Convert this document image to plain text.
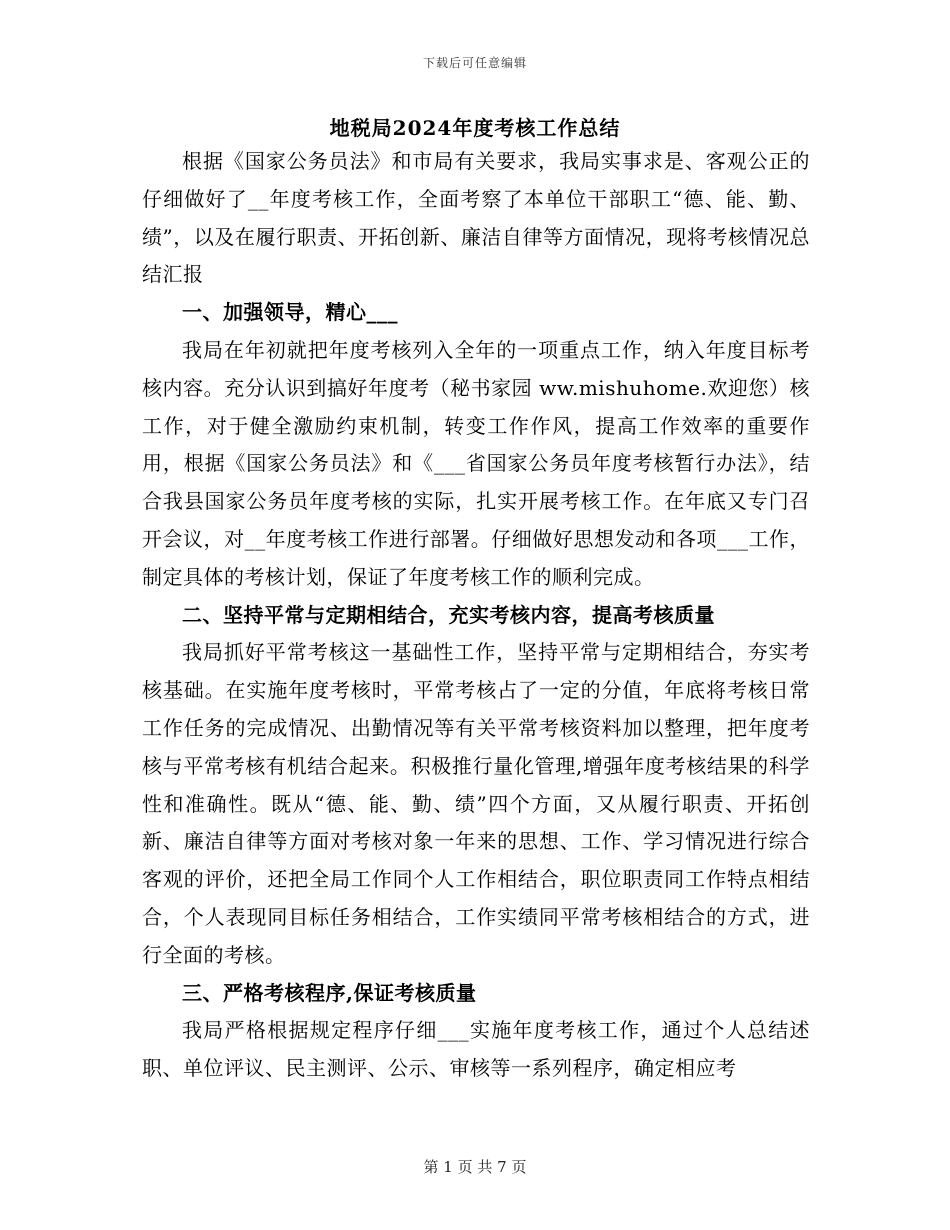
下载后可任意编辑
地税局2024年度考核工作总结

根据《国家公务员法》和市局有关要求，我局实事求是、客观公正的仔细做好了__年度考核工作，全面考察了本单位干部职工“德、能、勤、绩”，以及在履行职责、开拓创新、廉洁自律等方面情况，现将考核情况总结汇报

一、加强领导，精心___

我局在年初就把年度考核列入全年的一项重点工作，纳入年度目标考核内容。充分认识到搞好年度考（秘书家园 ww.mishuhome.欢迎您）核工作，对于健全激励约束机制，转变工作作风，提高工作效率的重要作用，根据《国家公务员法》和《___省国家公务员年度考核暂行办法》，结合我县国家公务员年度考核的实际，扎实开展考核工作。在年底又专门召开会议，对__年度考核工作进行部署。仔细做好思想发动和各项___工作，制定具体的考核计划，保证了年度考核工作的顺利完成。

二、坚持平常与定期相结合，充实考核内容，提高考核质量

我局抓好平常考核这一基础性工作，坚持平常与定期相结合，夯实考核基础。在实施年度考核时，平常考核占了一定的分值，年底将考核日常工作任务的完成情况、出勤情况等有关平常考核资料加以整理，把年度考核与平常考核有机结合起来。积极推行量化管理,增强年度考核结果的科学性和准确性。既从“德、能、勤、绩”四个方面，又从履行职责、开拓创新、廉洁自律等方面对考核对象一年来的思想、工作、学习情况进行综合客观的评价，还把全局工作同个人工作相结合，职位职责同工作特点相结合，个人表现同目标任务相结合，工作实绩同平常考核相结合的方式，进行全面的考核。

三、严格考核程序,保证考核质量

我局严格根据规定程序仔细___实施年度考核工作，通过个人总结述职、单位评议、民主测评、公示、审核等一系列程序，确定相应考

第 1 页 共 7 页
